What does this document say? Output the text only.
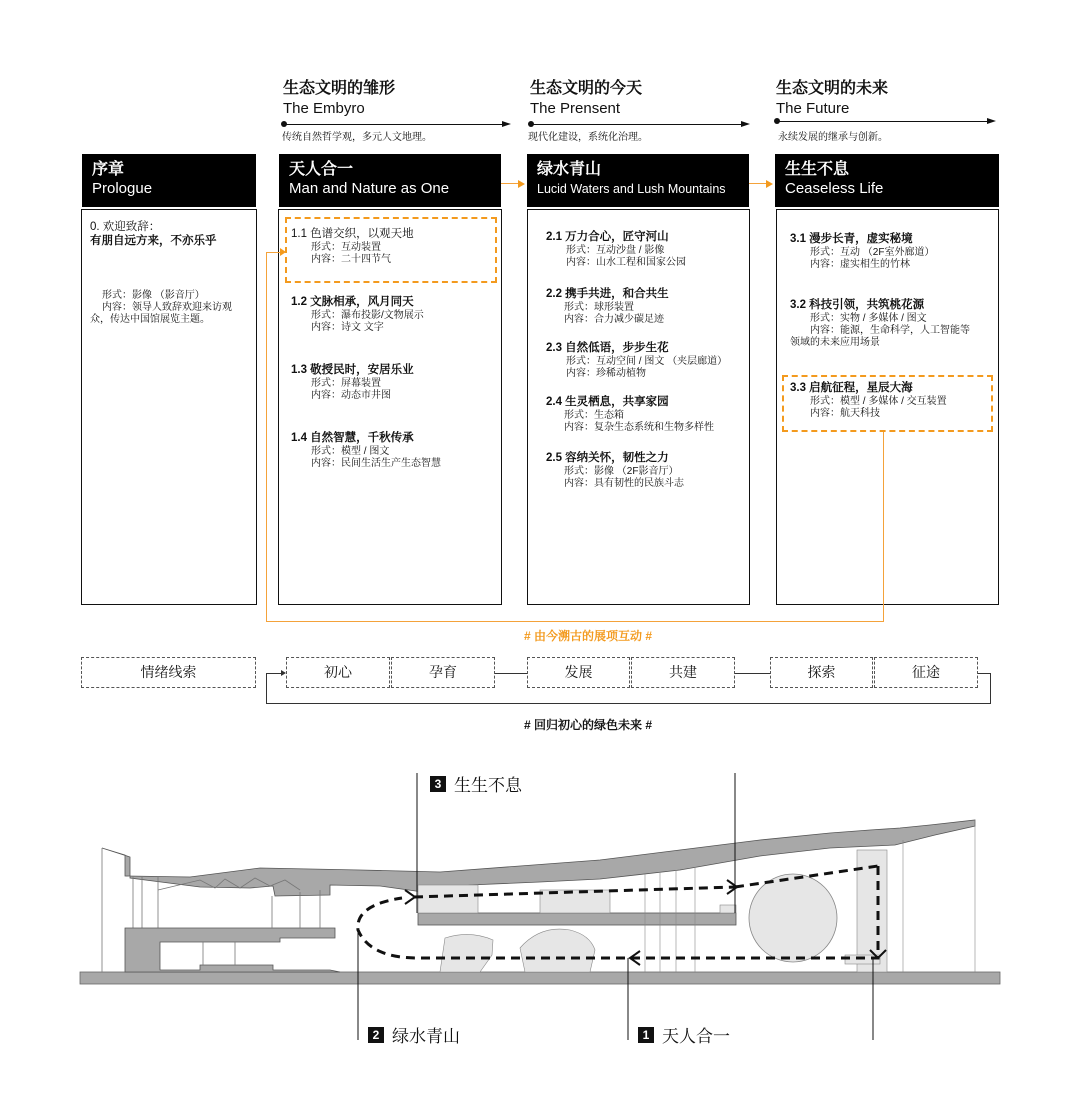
生态文明的雏形
The Embyro
传统自然哲学观，多元人文地理。
生态文明的今天
The Prensent
现代化建设，系统化治理。
生态文明的未来
The Future
永续发展的继承与创新。
序章
Prologue
天人合一
Man and Nature as One
绿水青山
Lucid Waters and Lush Mountains
生生不息
Ceaseless Life
0. 欢迎致辞：
有朋自远方来，不亦乐乎
形式：影像 （影音厅）
内容：领导人致辞欢迎来访观
众，传达中国馆展览主题。
1.1 色谱交织，以观天地
形式：互动装置
内容：二十四节气
1.2 文脉相承，风月同天
形式：瀑布投影/文物展示
内容：诗文 文字
1.3 敬授民时，安居乐业
形式：屏幕装置
内容：动态市井图
1.4 自然智慧，千秋传承
形式：模型 / 图文
内容：民间生活生产生态智慧
2.1 万力合心，匠守河山
形式：互动沙盘 / 影像
内容：山水工程和国家公园
2.2 携手共进，和合共生
形式：球形装置
内容：合力减少碳足迹
2.3 自然低语，步步生花
形式：互动空间 / 图文 （夹层廊道）
内容：珍稀动植物
2.4 生灵栖息，共享家园
形式：生态箱
内容：复杂生态系统和生物多样性
2.5 容纳关怀，韧性之力
形式：影像 （2F影音厅）
内容：具有韧性的民族斗志
3.1 漫步长青，虚实秘境
形式：互动 （2F室外廊道）
内容：虚实相生的竹林
3.2 科技引领，共筑桃花源
形式：实物 / 多媒体 / 图文
内容：能源，生命科学，人工智能等
领域的未来应用场景
3.3 启航征程，星辰大海
形式：模型 / 多媒体 / 交互装置
内容：航天科技
# 由今溯古的展项互动 #
情绪线索	初心	孕育	发展	共建	探索	征途
# 回归初心的绿色未来 #
3 生生不息
2 绿水青山	1 天人合一
